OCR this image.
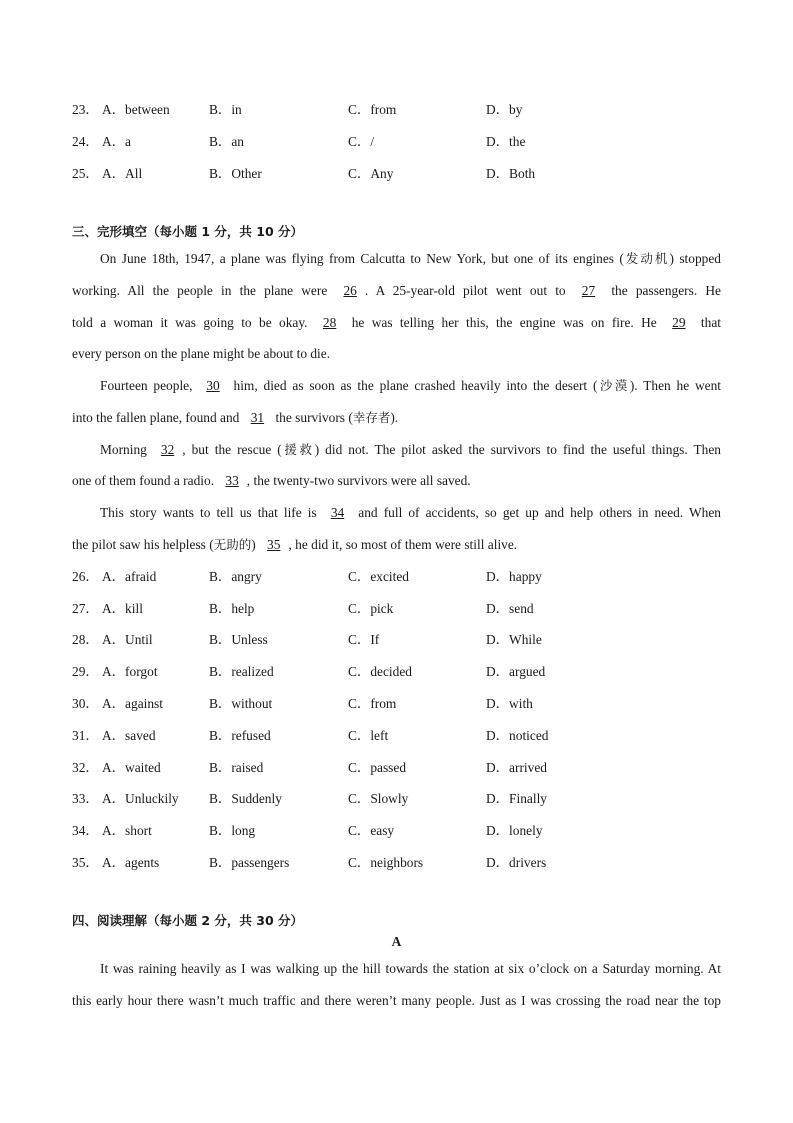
23． A．between	B．in	C．from	D．by
24． A．a	B．an	C．/	D．the
25． A．All	B．Other	C．Any	D．Both
三、完形填空（每小题 1 分，共 10 分）
On June 18th, 1947, a plane was flying from Calcutta to New York, but one of its engines (发动机) stopped
working. All the people in the plane were 26 . A 25-year-old pilot went out to 27 the passengers. He
told a woman it was going to be okay. 28 he was telling her this, the engine was on fire. He 29 that
every person on the plane might be about to die.
Fourteen people, 30 him, died as soon as the plane crashed heavily into the desert (沙漠). Then he went
into the fallen plane, found and 31 the survivors (幸存者).
Morning 32 , but the rescue (援救) did not. The pilot asked the survivors to find the useful things. Then
one of them found a radio. 33 , the twenty-two survivors were all saved.
This story wants to tell us that life is 34 and full of accidents, so get up and help others in need. When
the pilot saw his helpless (无助的) 35 , he did it, so most of them were still alive.
26． A．afraid	B．angry	C．excited	D．happy
27． A．kill	B．help	C．pick	D．send
28． A．Until	B．Unless	C．If	D．While
29． A．forgot	B．realized	C．decided	D．argued
30． A．against	B．without	C．from	D．with
31． A．saved	B．refused	C．left	D．noticed
32． A．waited	B．raised	C．passed	D．arrived
33． A．Unluckily B．Suddenly	C．Slowly	D．Finally
34． A．short	B．long	C．easy	D．lonely
35． A．agents	B．passengers	C．neighbors	D．drivers
四、阅读理解（每小题 2 分，共 30 分）
A
It was raining heavily as I was walking up the hill towards the station at six o’clock on a Saturday morning. At
this early hour there wasn’t much traffic and there weren’t many people. Just as I was crossing the road near the top
